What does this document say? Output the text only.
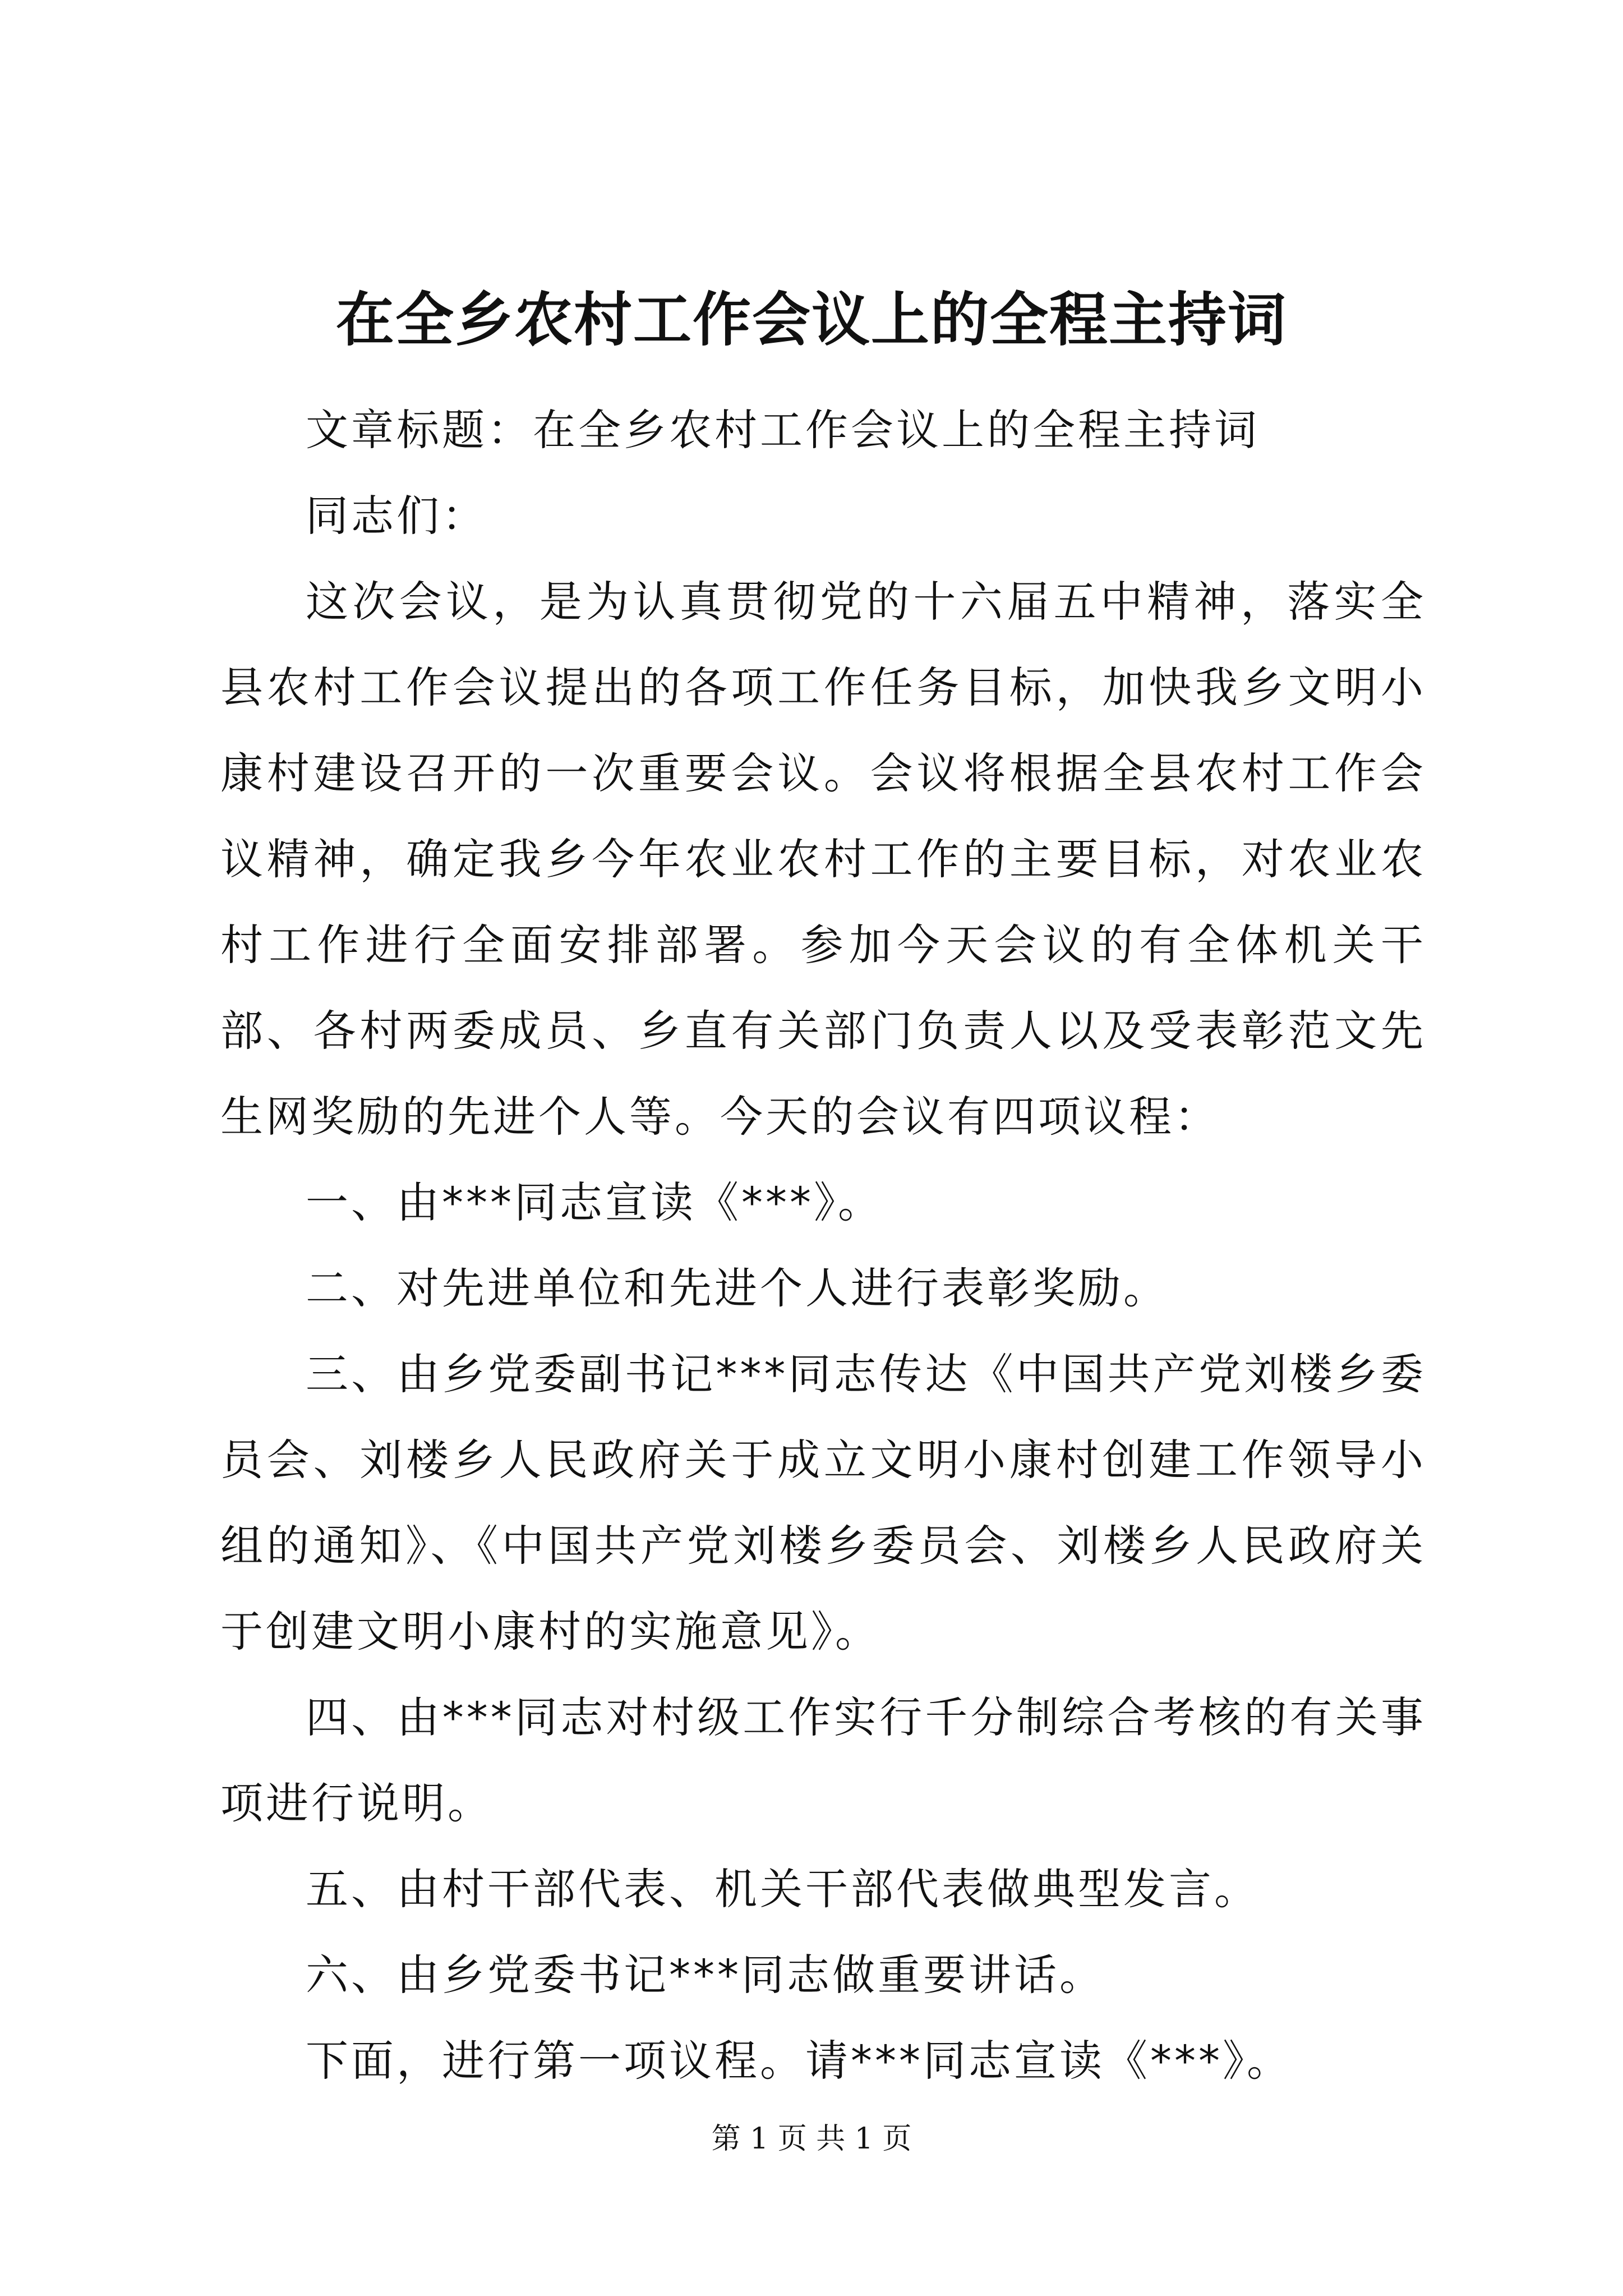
在全乡农村工作会议上的全程主持词

文章标题：在全乡农村工作会议上的全程主持词

同志们：

这次会议，是为认真贯彻党的十六届五中精神，落实全县农村工作会议提出的各项工作任务目标，加快我乡文明小康村建设召开的一次重要会议。会议将根据全县农村工作会议精神，确定我乡今年农业农村工作的主要目标，对农业农村工作进行全面安排部署。参加今天会议的有全体机关干部、各村两委成员、乡直有关部门负责人以及受表彰范文先生网奖励的先进个人等。今天的会议有四项议程：

一、由***同志宣读《***》。

二、对先进单位和先进个人进行表彰奖励。

三、由乡党委副书记***同志传达《中国共产党刘楼乡委员会、刘楼乡人民政府关于成立文明小康村创建工作领导小组的通知》、《中国共产党刘楼乡委员会、刘楼乡人民政府关于创建文明小康村的实施意见》。

四、由***同志对村级工作实行千分制综合考核的有关事项进行说明。

五、由村干部代表、机关干部代表做典型发言。

六、由乡党委书记***同志做重要讲话。

下面，进行第一项议程。请***同志宣读《***》。

第 1 页 共 1 页
